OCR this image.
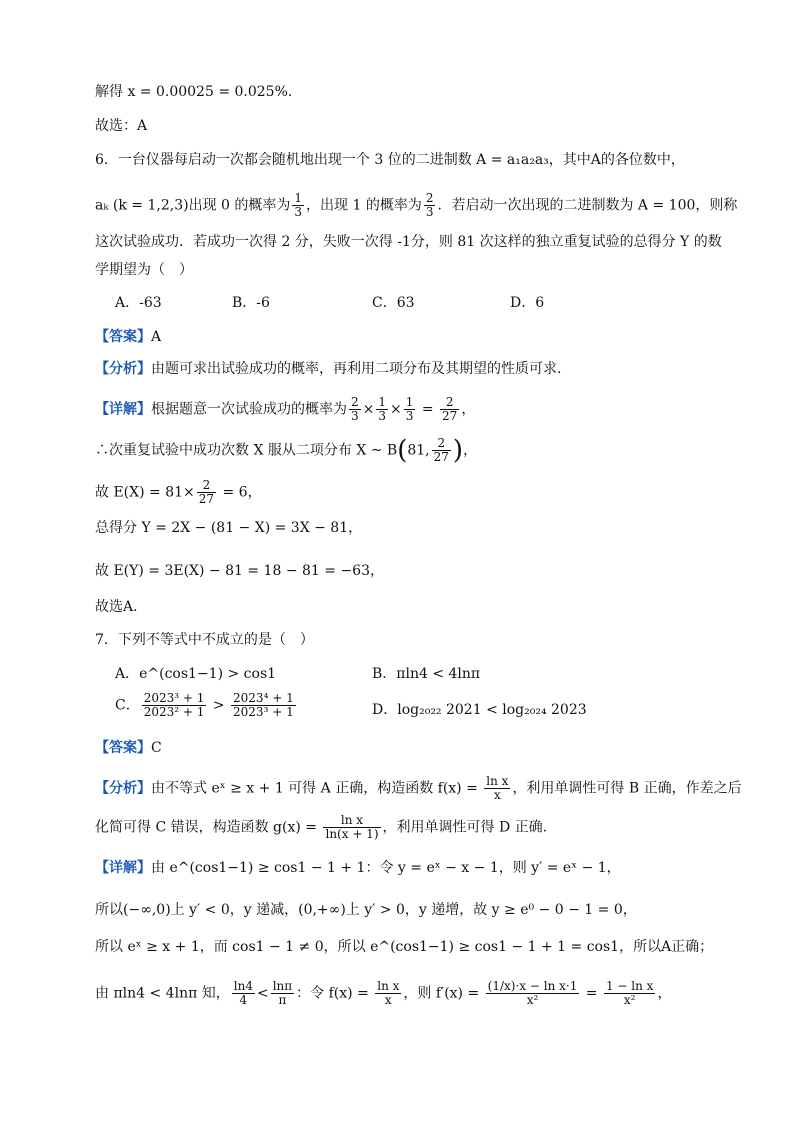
解得 x = 0.00025 = 0.025%.
故选：A
6．一台仪器每启动一次都会随机地出现一个 3 位的二进制数 A = a₁a₂a₃，其中A的各位数中，
aₖ (k = 1,2,3)出现 0 的概率为 $\frac{1}{3}$ ，出现 1 的概率为 $\frac{2}{3}$ ．若启动一次出现的二进制数为 A = 100，则称
这次试验成功．若成功一次得 2 分，失败一次得 -1分，则 81 次这样的独立重复试验的总得分 Y 的数
学期望为（　）
A．-63	B．-6	C．63	D．6
【答案】A
【分析】由题可求出试验成功的概率，再利用二项分布及其期望的性质可求.
【详解】根据题意一次试验成功的概率为 $\frac{2}{3} \times \frac{1}{3} \times \frac{1}{3} = \frac{2}{27}$ ，
∴次重复试验中成功次数 X 服从二项分布 X ~ B(81, $\frac{2}{27}$ )，
故 $E(X) = 81\times \frac{2}{27} = 6$，
总得分 Y = 2X − (81 − X) = 3X − 81，
故 E(Y) = 3E(X) − 81 = 18 − 81 = −63，
故选A．
7．下列不等式中不成立的是（　）
A．e^(cos1−1) > cos1	B．πln4 < 4lnπ
C． $\frac{\text{2023³ + 1}}{\text{2023² + 1}} > \frac{\text{2023⁴ + 1}}{\text{2023³ + 1}}$	D．log₂₀₂₂ 2021 < log₂₀₂₄ 2023
【答案】C
【分析】由不等式 eˣ ≥ x + 1 可得 A 正确，构造函数 $f(x) = \frac{\text{ln x}}{x}$ ，利用单调性可得 B 正确，作差之后
化简可得 C 错误，构造函数 $g(x) = \frac{\text{ln x}}{\ln(x + 1)}$ ，利用单调性可得 D 正确.
【详解】由 e^(cos1−1) ≥ cos1 − 1 + 1：令 y = eˣ − x − 1，则 y′ = eˣ − 1，
所以(−∞,0)上 y′ < 0，y 递减，(0,+∞)上 y′ > 0，y 递增，故 y ≥ e⁰ − 0 − 1 = 0，
所以 eˣ ≥ x + 1，而 cos1 − 1 ≠ 0，所以 e^(cos1−1) ≥ cos1 − 1 + 1 = cos1，所以A正确；
由 πln4 < 4lnπ 知， $\frac{\ln 4}{4} < \frac{\ln\pi}{\pi}$ ：令 $f(x) = \frac{\text{ln x}}{x}$ ，则 $f'(x) = \frac{\text{(1/x)·x − ln x·1}}{\text{x²}} = \frac{\text{1 − ln x}}{\text{x²}}$ ，
